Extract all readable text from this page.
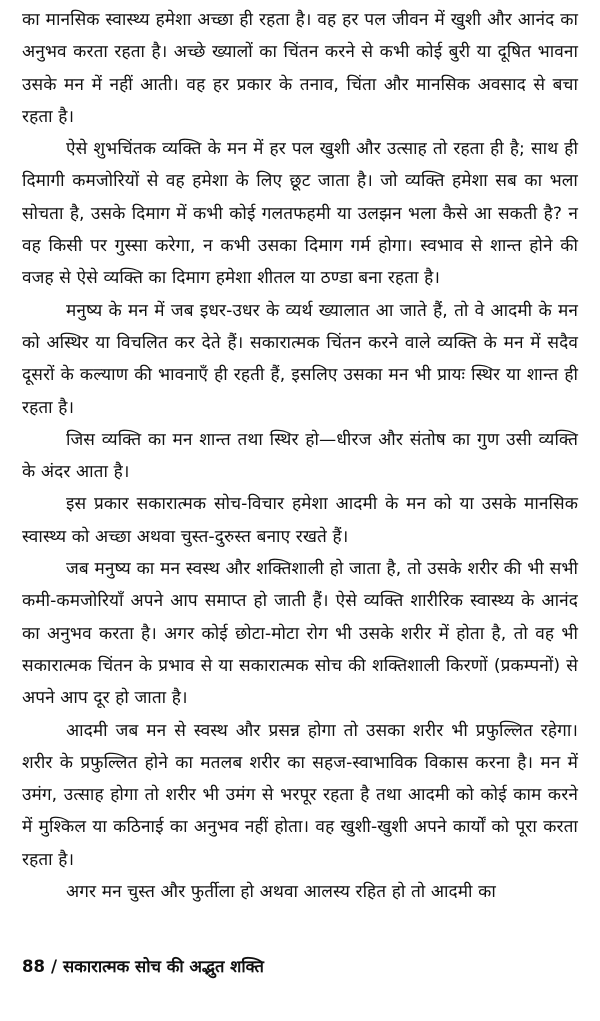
का मानसिक स्वास्थ्य हमेशा अच्छा ही रहता है। वह हर पल जीवन में खुशी और आनंद का अनुभव करता रहता है। अच्छे ख्यालों का चिंतन करने से कभी कोई बुरी या दूषित भावना उसके मन में नहीं आती। वह हर प्रकार के तनाव, चिंता और मानसिक अवसाद से बचा रहता है।

ऐसे शुभचिंतक व्यक्ति के मन में हर पल खुशी और उत्साह तो रहता ही है; साथ ही दिमागी कमजोरियों से वह हमेशा के लिए छूट जाता है। जो व्यक्ति हमेशा सब का भला सोचता है, उसके दिमाग में कभी कोई गलतफहमी या उलझन भला कैसे आ सकती है? न वह किसी पर गुस्सा करेगा, न कभी उसका दिमाग गर्म होगा। स्वभाव से शान्त होने की वजह से ऐसे व्यक्ति का दिमाग हमेशा शीतल या ठण्डा बना रहता है।

मनुष्य के मन में जब इधर-उधर के व्यर्थ ख्यालात आ जाते हैं, तो वे आदमी के मन को अस्थिर या विचलित कर देते हैं। सकारात्मक चिंतन करने वाले व्यक्ति के मन में सदैव दूसरों के कल्याण की भावनाएँ ही रहती हैं, इसलिए उसका मन भी प्रायः स्थिर या शान्त ही रहता है।

जिस व्यक्ति का मन शान्त तथा स्थिर हो—धीरज और संतोष का गुण उसी व्यक्ति के अंदर आता है।

इस प्रकार सकारात्मक सोच-विचार हमेशा आदमी के मन को या उसके मानसिक स्वास्थ्य को अच्छा अथवा चुस्त-दुरुस्त बनाए रखते हैं।

जब मनुष्य का मन स्वस्थ और शक्तिशाली हो जाता है, तो उसके शरीर की भी सभी कमी-कमजोरियाँ अपने आप समाप्त हो जाती हैं। ऐसे व्यक्ति शारीरिक स्वास्थ्य के आनंद का अनुभव करता है। अगर कोई छोटा-मोटा रोग भी उसके शरीर में होता है, तो वह भी सकारात्मक चिंतन के प्रभाव से या सकारात्मक सोच की शक्तिशाली किरणों (प्रकम्पनों) से अपने आप दूर हो जाता है।

आदमी जब मन से स्वस्थ और प्रसन्न होगा तो उसका शरीर भी प्रफुल्लित रहेगा। शरीर के प्रफुल्लित होने का मतलब शरीर का सहज-स्वाभाविक विकास करना है। मन में उमंग, उत्साह होगा तो शरीर भी उमंग से भरपूर रहता है तथा आदमी को कोई काम करने में मुश्किल या कठिनाई का अनुभव नहीं होता। वह खुशी-खुशी अपने कार्यों को पूरा करता रहता है।

अगर मन चुस्त और फुर्तीला हो अथवा आलस्य रहित हो तो आदमी का

88 / सकारात्मक सोच की अद्भुत शक्ति
